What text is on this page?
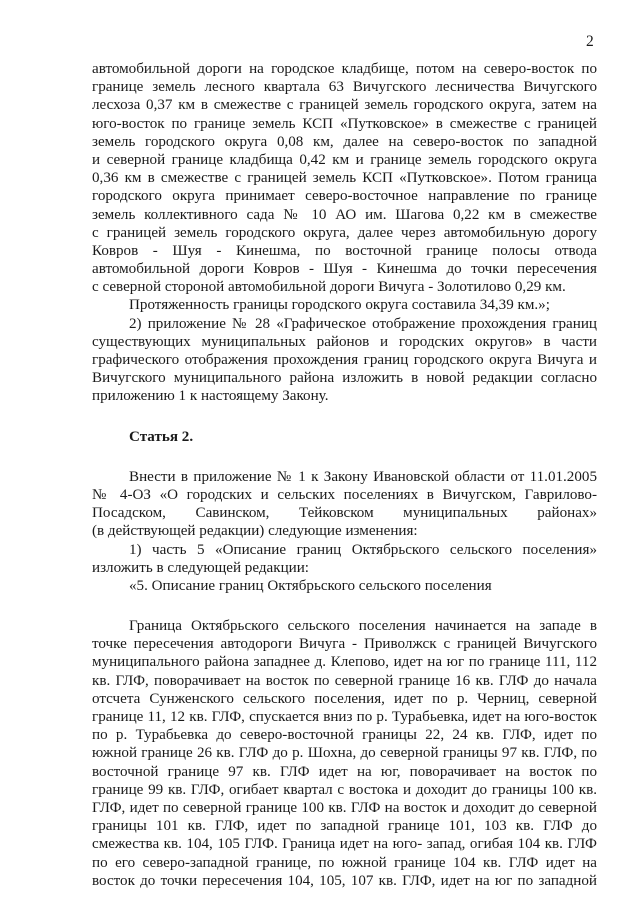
2
автомобильной дороги на городское кладбище, потом на северо-восток по
границе земель лесного квартала 63 Вичугского лесничества Вичугского
лесхоза 0,37 км в смежестве с границей земель городского округа, затем на
юго-восток по границе земель КСП «Путковское» в смежестве с границей
земель городского округа 0,08 км, далее на северо-восток по западной
и северной границе кладбища 0,42 км и границе земель городского округа
0,36 км в смежестве с границей земель КСП «Путковское». Потом граница
городского округа принимает северо-восточное направление по границе
земель коллективного сада № 10 АО им. Шагова 0,22 км в смежестве
с границей земель городского округа, далее через автомобильную дорогу
Ковров - Шуя - Кинешма, по восточной границе полосы отвода
автомобильной дороги Ковров - Шуя - Кинешма до точки пересечения
с северной стороной автомобильной дороги Вичуга - Золотилово 0,29 км.
Протяженность границы городского округа составила 34,39 км.»;
2) приложение № 28 «Графическое отображение прохождения границ
существующих муниципальных районов и городских округов» в части
графического отображения прохождения границ городского округа Вичуга и
Вичугского муниципального района изложить в новой редакции согласно
приложению 1 к настоящему Закону.
Статья 2.
Внести в приложение № 1 к Закону Ивановской области от 11.01.2005
№ 4-ОЗ «О городских и сельских поселениях в Вичугском, Гаврилово-
Посадском, Савинском, Тейковском муниципальных районах»
(в действующей редакции) следующие изменения:
1) часть 5 «Описание границ Октябрьского сельского поселения»
изложить в следующей редакции:
«5. Описание границ Октябрьского сельского поселения
Граница Октябрьского сельского поселения начинается на западе в
точке пересечения автодороги Вичуга - Приволжск с границей Вичугского
муниципального района западнее д. Клепово, идет на юг по границе 111, 112
кв. ГЛФ, поворачивает на восток по северной границе 16 кв. ГЛФ до начала
отсчета Сунженского сельского поселения, идет по р. Черниц, северной
границе 11, 12 кв. ГЛФ, спускается вниз по р. Турабьевка, идет на юго-восток
по р. Турабьевка до северо-восточной границы 22, 24 кв. ГЛФ, идет по
южной границе 26 кв. ГЛФ до р. Шохна, до северной границы 97 кв. ГЛФ, по
восточной границе 97 кв. ГЛФ идет на юг, поворачивает на восток по
границе 99 кв. ГЛФ, огибает квартал с востока и доходит до границы 100 кв.
ГЛФ, идет по северной границе 100 кв. ГЛФ на восток и доходит до северной
границы 101 кв. ГЛФ, идет по западной границе 101, 103 кв. ГЛФ до
смежества кв. 104, 105 ГЛФ. Граница идет на юго- запад, огибая 104 кв. ГЛФ
по его северо-западной границе, по южной границе 104 кв. ГЛФ идет на
восток до точки пересечения 104, 105, 107 кв. ГЛФ, идет на юг по западной
